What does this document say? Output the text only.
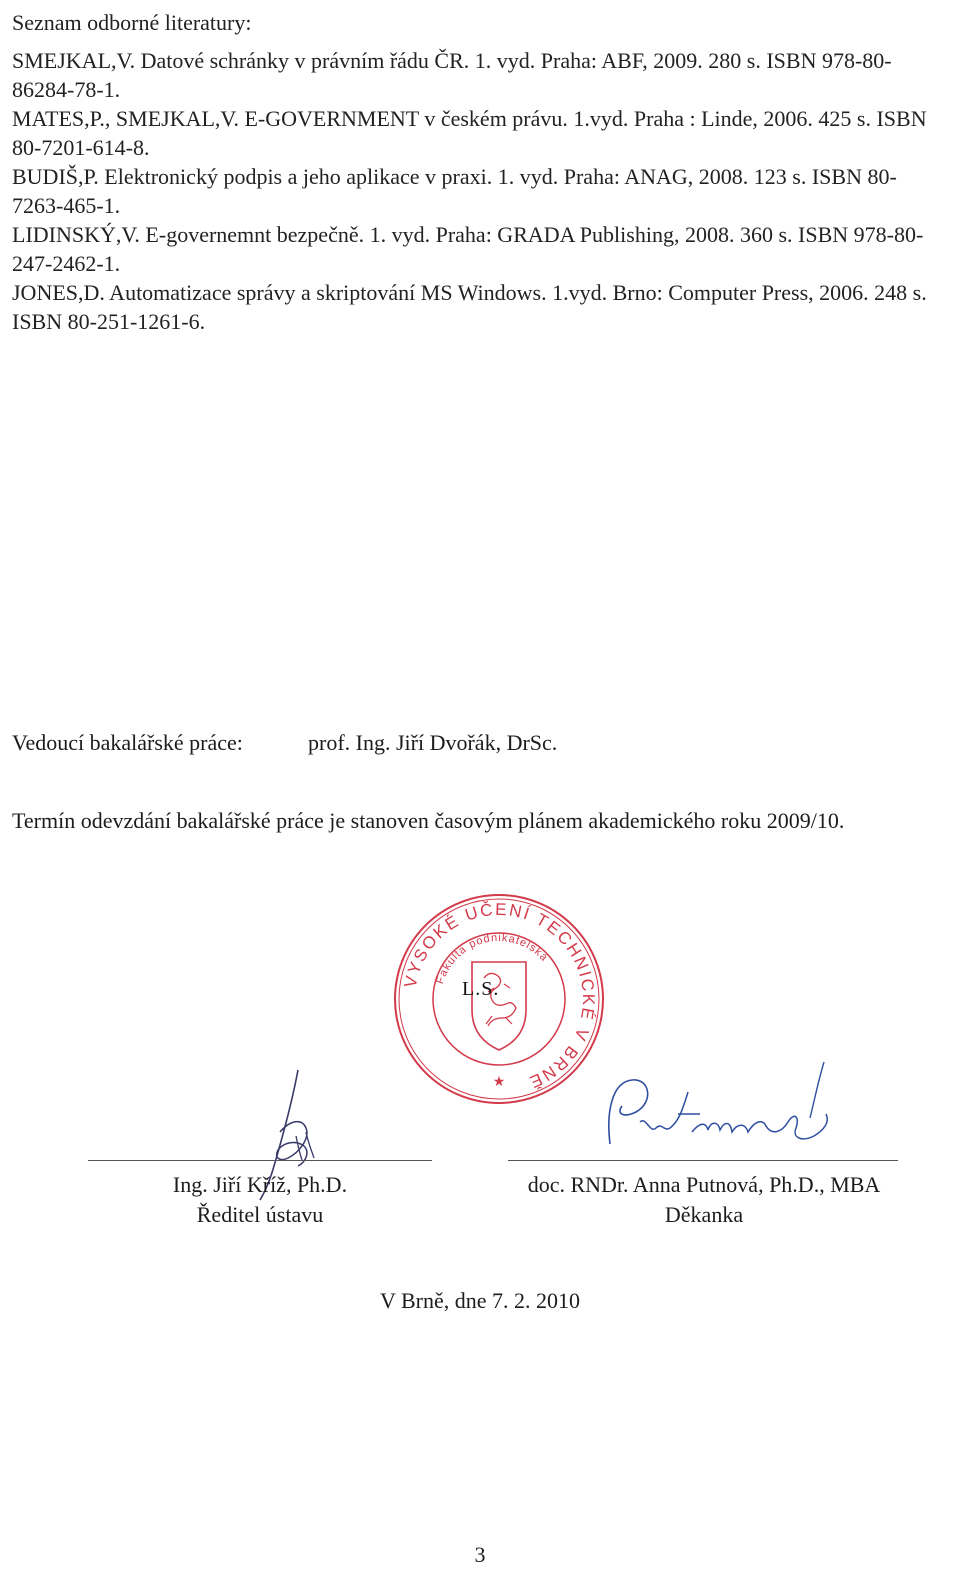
Seznam odborné literatury:
SMEJKAL,V. Datové schránky v právním řádu ČR. 1. vyd. Praha: ABF, 2009. 280 s. ISBN 978-80-86284-78-1.
MATES,P., SMEJKAL,V. E-GOVERNMENT v českém právu. 1.vyd. Praha : Linde, 2006. 425 s. ISBN 80-7201-614-8.
BUDIŠ,P. Elektronický podpis a jeho aplikace v praxi. 1. vyd. Praha: ANAG, 2008. 123 s. ISBN 80-7263-465-1.
LIDINSKÝ,V. E-governemnt bezpečně. 1. vyd. Praha: GRADA Publishing, 2008. 360 s. ISBN 978-80-247-2462-1.
JONES,D. Automatizace správy a skriptování MS Windows. 1.vyd. Brno: Computer Press, 2006. 248 s. ISBN 80-251-1261-6.
Vedoucí bakalářské práce:	prof. Ing. Jiří Dvořák, DrSc.
Termín odevzdání bakalářské práce je stanoven časovým plánem akademického roku 2009/10.
VYSOKÉ UČENÍ TECHNICKÉ V BRNĚ
Fakulta podnikatelská
★
L.S.
Ing. Jiří Kříž, Ph.D.
Ředitel ústavu
doc. RNDr. Anna Putnová, Ph.D., MBA
Děkanka
V Brně, dne 7. 2. 2010
3
